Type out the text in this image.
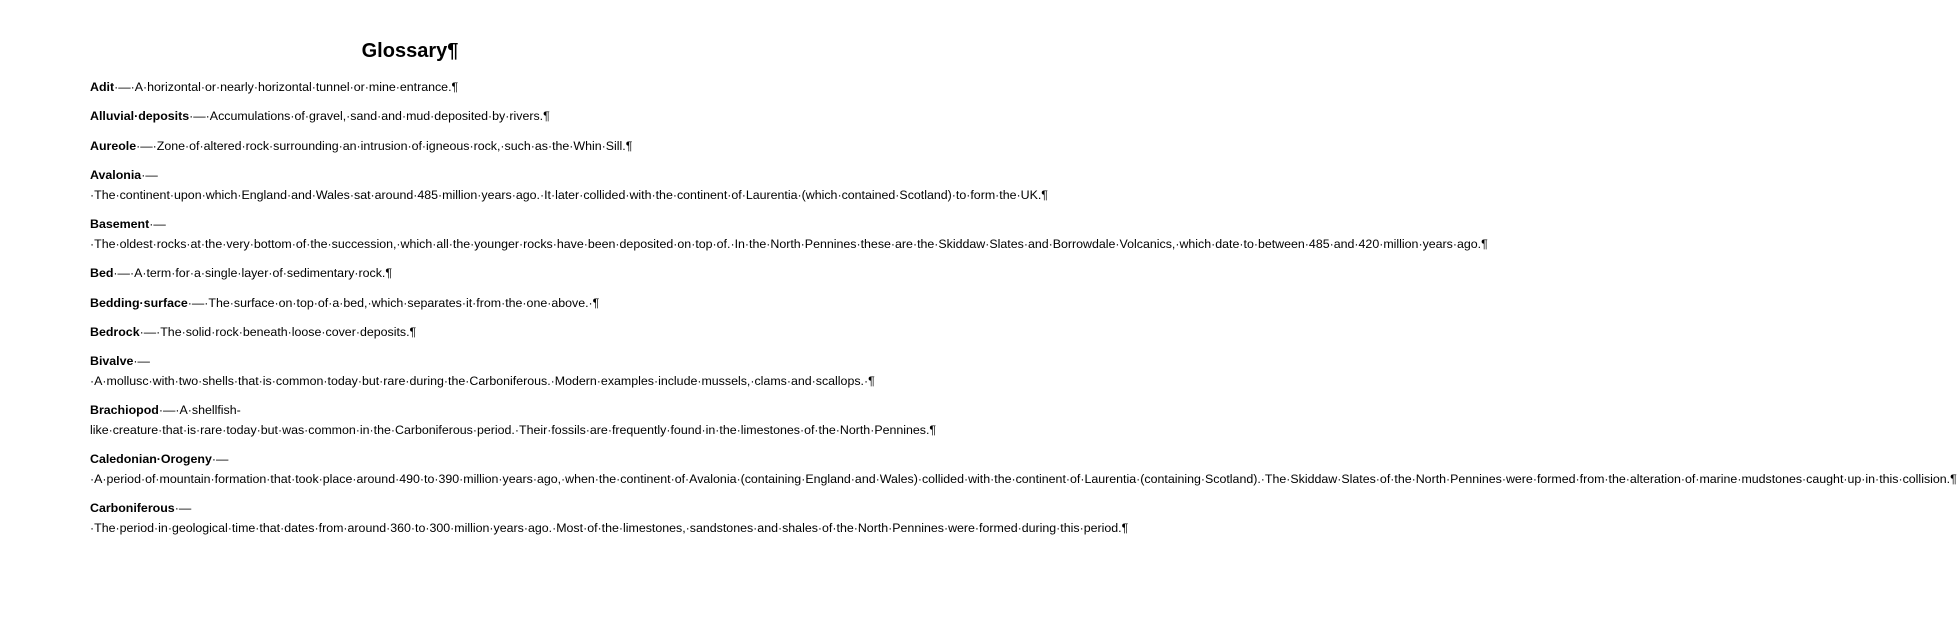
Glossary¶

Adit·—·A·horizontal·or·nearly·horizontal·tunnel·or·mine·entrance.¶

Alluvial·deposits·—·Accumulations·of·gravel,·sand·and·mud·deposited·by·rivers.¶

Aureole·—·Zone·of·altered·rock·surrounding·an·intrusion·of·igneous·rock,·such·as·the·Whin·Sill.¶

Avalonia·—·The·continent·upon·which·England·and·Wales·sat·around·485·million·years·ago.·It·later·collided·with·the·continent·of·Laurentia·(which·contained·Scotland)·to·form·the·UK.¶

Basement·—·The·oldest·rocks·at·the·very·bottom·of·the·succession,·which·all·the·younger·rocks·have·been·deposited·on·top·of.·In·the·North·Pennines·these·are·the·Skiddaw·Slates·and·Borrowdale·Volcanics,·which·date·to·between·485·and·420·million·years·ago.¶

Bed·—·A·term·for·a·single·layer·of·sedimentary·rock.¶

Bedding·surface·—·The·surface·on·top·of·a·bed,·which·separates·it·from·the·one·above.·¶

Bedrock·—·The·solid·rock·beneath·loose·cover·deposits.¶

Bivalve·—·A·mollusc·with·two·shells·that·is·common·today·but·rare·during·the·Carboniferous.·Modern·examples·include·mussels,·clams·and·scallops.·¶

Brachiopod·—·A·shellfish-like·creature·that·is·rare·today·but·was·common·in·the·Carboniferous·period.·Their·fossils·are·frequently·found·in·the·limestones·of·the·North·Pennines.¶

Caledonian·Orogeny·—·A·period·of·mountain·formation·that·took·place·around·490·to·390·million·years·ago,·when·the·continent·of·Avalonia·(containing·England·and·Wales)·collided·with·the·continent·of·Laurentia·(containing·Scotland).·The·Skiddaw·Slates·of·the·North·Pennines·were·formed·from·the·alteration·of·marine·mudstones·caught·up·in·this·collision.¶

Carboniferous·—·The·period·in·geological·time·that·dates·from·around·360·to·300·million·years·ago.·Most·of·the·limestones,·sandstones·and·shales·of·the·North·Pennines·were·formed·during·this·period.¶
